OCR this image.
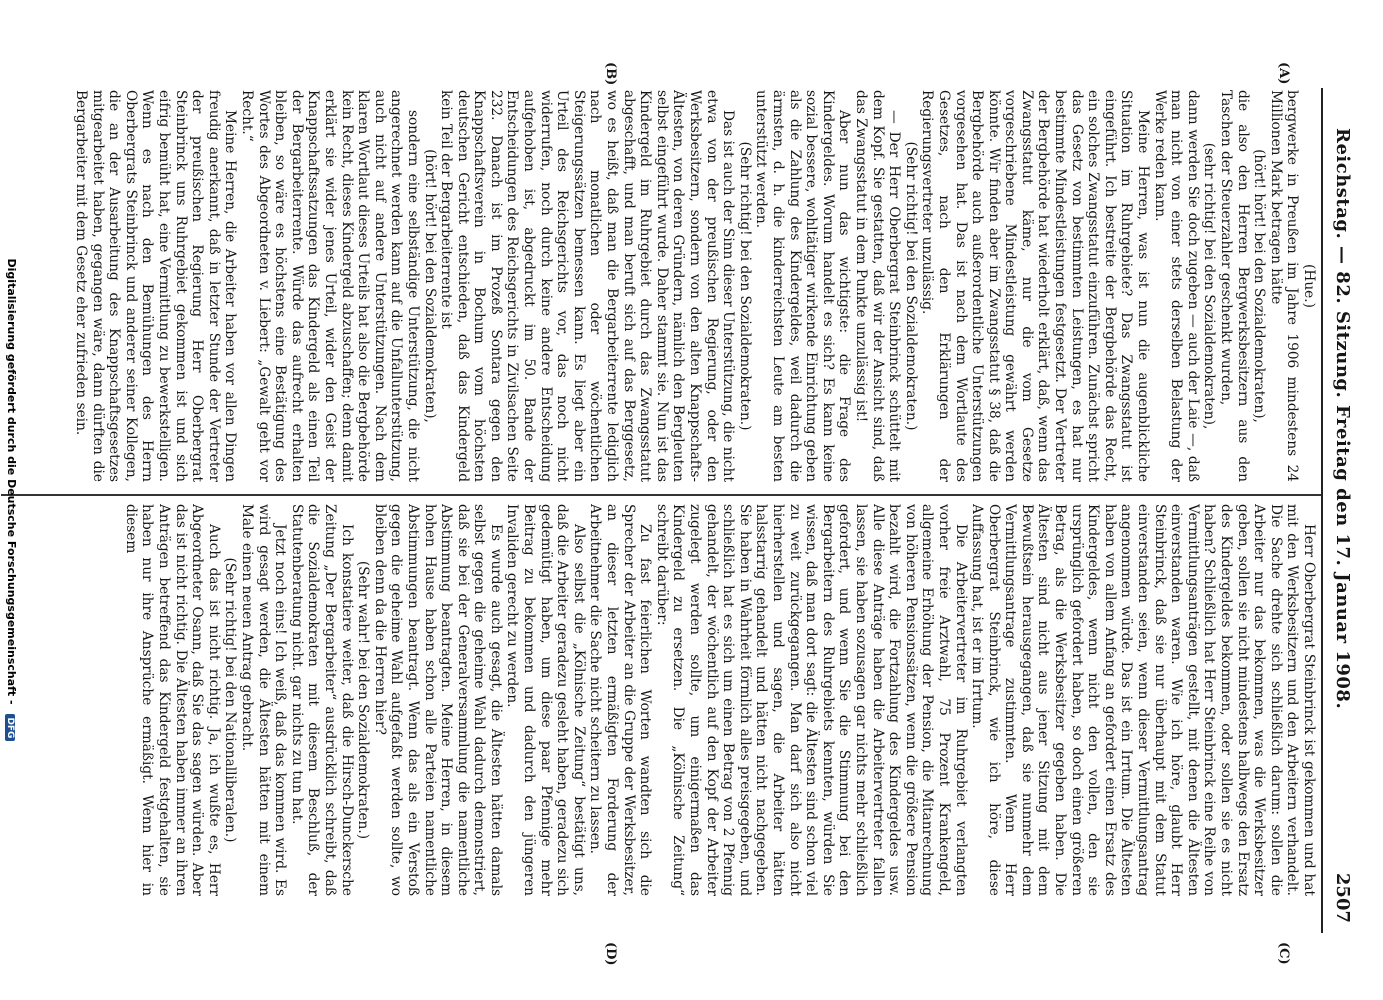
Reichstag. — 82. Sitzung. Freitag den 17. Januar 1908.
2507
(A)
(B)
(C)
(D)

(Hue.)

bergwerke in Preußen im Jahre 1906 mindestens 24 Millionen Mark betragen hätte

(hört! hört! bei den Sozialdemokraten),

die also den Herren Bergwerksbesitzern aus den Taschen der Steuerzahler geschenkt wurden,

(sehr richtig! bei den Sozialdemokraten),

dann werden Sie doch zugeben — auch der Laie —, daß man nicht von einer stets derselben Belastung der Werke reden kann.

Meine Herren, was ist nun die augenblickliche Situation im Ruhrgebiete? Das Zwangsstatut ist eingeführt. Ich bestreite der Bergbehörde das Recht, ein solches Zwangsstatut einzuführen. Zunächst spricht das Gesetz von bestimmten Leistungen, es hat nur bestimmte Mindestleistungen festgesetzt. Der Vertreter der Bergbehörde hat wiederholt erklärt, daß, wenn das Zwangsstatut käme, nur die vom Gesetze vorgeschriebene Mindestleistung gewährt werden könnte. Wir finden aber im Zwangsstatut § 38, daß die Bergbehörde auch außerordentliche Unterstützungen vorgesehen hat. Das ist nach dem Wortlaute des Gesetzes, nach den Erklärungen der Regierungsvertreter unzulässig.

(Sehr richtig! bei den Sozialdemokraten.)

— Der Herr Oberbergrat Steinbrinck schüttelt mit dem Kopf. Sie gestatten, daß wir der Ansicht sind, daß das Zwangsstatut in dem Punkte unzulässig ist!

Aber nun das wichtigste: die Frage des Kindergeldes. Worum handelt es sich? Es kann keine sozial bessere, wohltätiger wirkende Einrichtung geben als die Zahlung des Kindergeldes, weil dadurch die ärmsten, d. h. die kinderreichsten Leute am besten unterstützt werden.

(Sehr richtig! bei den Sozialdemokraten.)

Das ist auch der Sinn dieser Unterstützung, die nicht etwa von der preußischen Regierung, oder den Werksbesitzern, sondern von den alten Knappschafts-Ältesten, von deren Gründern, nämlich den Bergleuten selbst eingeführt wurde. Daher stammt sie. Nun ist das Kindergeld im Ruhrgebiet durch das Zwangsstatut abgeschafft, und man beruft sich auf das Berggesetz, wo es heißt, daß man die Bergarbeiterrente lediglich nach monatlichen oder wöchentlichen Steigerungssätzen bemessen kann. Es liegt aber ein Urteil des Reichsgerichts vor, das noch nicht widerrufen, noch durch keine andere Entscheidung aufgehoben ist, abgedruckt im 50. Bande der Entscheidungen des Reichsgerichts in Zivilsachen Seite 232. Danach ist im Prozeß Sontara gegen den Knappschaftsverein in Bochum vom höchsten deutschen Gericht entschieden, daß das Kindergeld kein Teil der Bergarbeiterrente ist

(hört! hört! bei den Sozialdemokraten),

sondern eine selbständige Unterstützung, die nicht angerechnet werden kann auf die Unfallunterstützung, auch nicht auf andere Unterstützungen. Nach dem klaren Wortlaut dieses Urteils hat also die Bergbehörde kein Recht, dieses Kindergeld abzuschaffen; denn damit erklärt sie wider jenes Urteil, wider den Geist der Knappschaftssatzungen das Kindergeld als einen Teil der Bergarbeiterrente. Würde das aufrecht erhalten bleiben, so wäre es höchstens eine Bestätigung des Wortes des Abgeordneten v. Liebert: „Gewalt geht vor Recht.“

Meine Herren, die Arbeiter haben vor allen Dingen freudig anerkannt, daß in letzter Stunde der Vertreter der preußischen Regierung Herr Oberbergrat Steinbrinck uns Ruhrgebiet gekommen ist und sich eifrig bemüht hat, eine Vermittlung zu bewerkstelligen. Wenn es nach den Bemühungen des Herrn Oberbergrats Steinbrinck und anderer seiner Kollegen, die an der Ausarbeitung des Knappschaftsgesetzes mitgearbeitet haben, gegangen wäre, dann dürften die Bergarbeiter mit dem Gesetz eher zufrieden sein.

Herr Oberbergrat Steinbrinck ist gekommen und hat mit den Werksbesitzern und den Arbeitern verhandelt. Die Sache drehte sich schließlich darum: sollen die Arbeiter nur das bekommen, was die Werksbesitzer geben, sollen sie nicht mindestens halbwegs den Ersatz des Kindergeldes bekommen, oder sollen sie es nicht haben? Schließlich hat Herr Steinbrinck eine Reihe von Vermittlungsanträgen gestellt, mit denen die Ältesten einverstanden waren. Wie ich höre, glaubt Herr Steinbrinck, daß sie nur überhaupt mit dem Statut einverstanden seien, wenn dieser Vermittlungsantrag angenommen würde. Das ist ein Irrtum. Die Ältesten haben von allem Anfang an gefordert einen Ersatz des Kindergeldes, wenn nicht den vollen, den sie ursprünglich gefordert haben, so doch einen größeren Betrag, als die Werksbesitzer gegeben haben. Die Ältesten sind nicht aus jener Sitzung mit dem Bewußtsein herausgegangen, daß sie nunmehr dem Vermittlungsantrage zustimmten. Wenn Herr Oberbergrat Steinbrinck, wie ich höre, diese Auffassung hat, ist er im Irrtum.

Die Arbeitervertreter im Ruhrgebiet verlangten vorher freie Arztwahl, 75 Prozent Krankengeld, allgemeine Erhöhung der Pension, die Mitanrechnung von höheren Pensionssätzen, wenn die größere Pension bezahlt wird, die Fortzahlung des Kindergeldes usw. Alle diese Anträge haben die Arbeitervertreter fallen lassen, sie haben sozusagen gar nichts mehr schließlich gefordert, und wenn Sie die Stimmung bei den Bergarbeitern des Ruhrgebiets kennten, würden Sie wissen, daß man dort sagt: die Ältesten sind schon viel zu weit zurückgegangen. Man darf sich also nicht hierherstellen und sagen, die Arbeiter hätten halsstarrig gehandelt und hätten nicht nachgegeben. Sie haben in Wahrheit förmlich alles preisgegeben, und schließlich hat es sich um einen Betrag von 2 Pfennig gehandelt, der wöchentlich auf den Kopf der Arbeiter zugelegt werden sollte, um einigermaßen das Kindergeld zu ersetzen. Die „Kölnische Zeitung“ schreibt darüber:

Zu fast feierlichen Worten wandten sich die Sprecher der Arbeiter an die Gruppe der Werksbesitzer, an dieser letzten ermäßigten Forderung der Arbeitnehmer die Sache nicht scheitern zu lassen.

Also selbst die „Kölnische Zeitung“ bestätigt uns, daß die Arbeiter geradezu gesleht haben, geradezu sich gedemütigt haben, um diese paar Pfennige mehr Beitrag zu bekommen und dadurch den jüngeren Invaliden gerecht zu werden.

Es wurde auch gesagt, die Ältesten hätten damals selbst gegen die geheime Wahl dadurch demonstriert, daß sie bei der Generalversammlung die namentliche Abstimmung beantragten. Meine Herren, in diesem hohen Hause haben schon alle Parteien namentliche Abstimmungen beantragt. Wenn das als ein Verstoß gegen die geheime Wahl aufgefaßt werden sollte, wo bleiben denn da die Herren hier?

(Sehr wahr! bei den Sozialdemokraten.)

Ich konstatiere weiter, daß die Hirsch-Dunckersche Zeitung „Der Bergarbeiter“ ausdrücklich schreibt, daß die Sozialdemokraten mit diesem Beschluß, der Statutenberatung nicht. gar nichts zu tun hat.

Jetzt noch eins! Ich weiß, daß das kommen wird. Es wird gesagt werden, die Ältesten hätten mit einem Male einen neuen Antrag gebracht.

(Sehr richtig! bei den Nationalliberalen.)

Auch das ist nicht richtig. Ja, ich wußte es, Herr Abgeordneter Osann, daß Sie das sagen würden. Aber das ist nicht richtig. Die Ältesten haben immer an ihren Anträgen betreffend das Kindergeld festgehalten, sie haben nur ihre Ansprüche ermäßigt. Wenn hier in diesem

Digitalisierung gefördert durch die Deutsche Forschungsgemeinschaft - DFG
